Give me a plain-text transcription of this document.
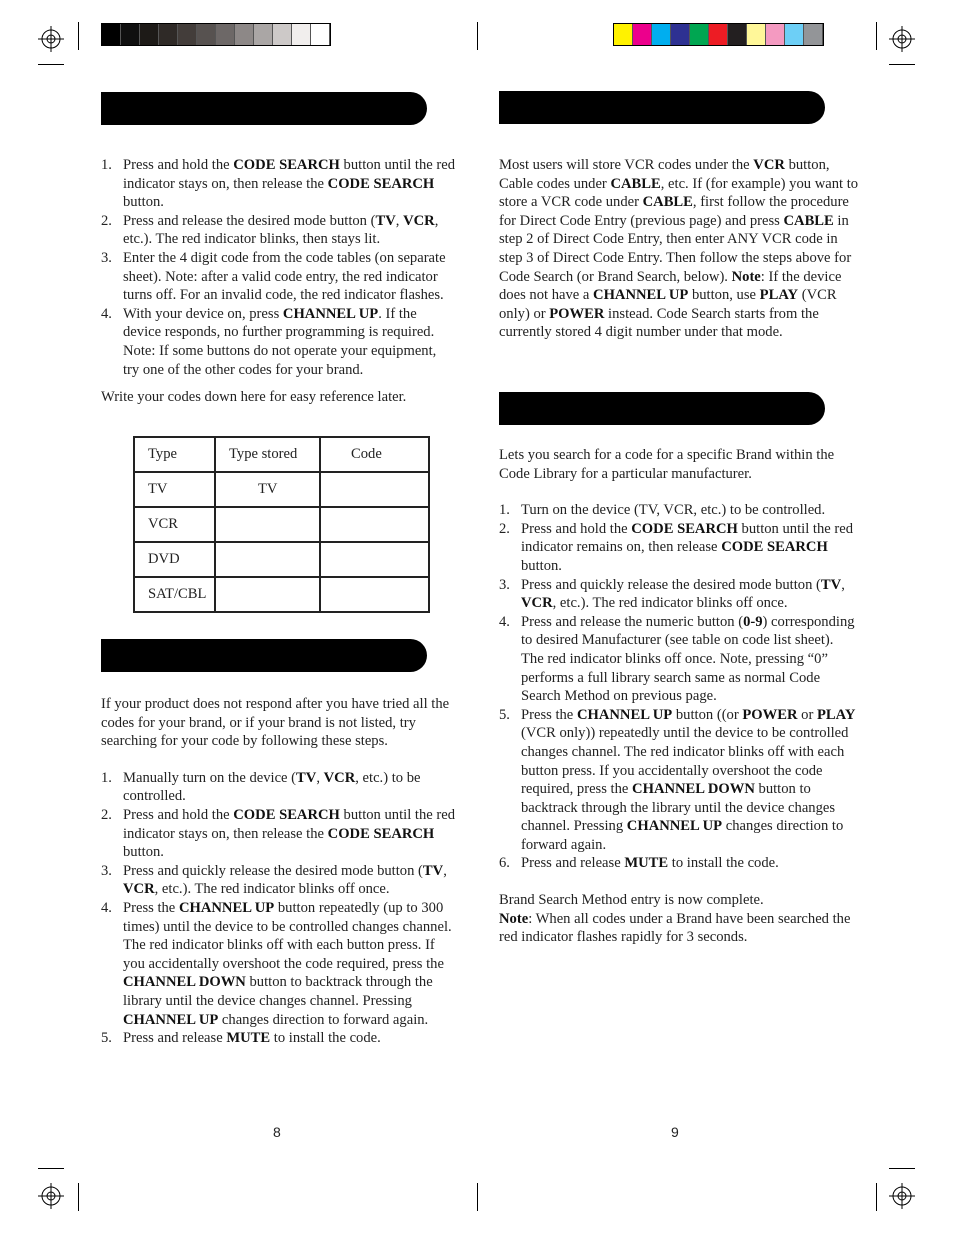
1. Press and hold the CODE SEARCH button until the red indicator stays on, then release the CODE SEARCH button.
2. Press and release the desired mode button (TV, VCR, etc.). The red indicator blinks, then stays lit.
3. Enter the 4 digit code from the code tables (on separate sheet). Note: after a valid code entry, the red indicator turns off. For an invalid code, the red indicator flashes.
4. With your device on, press CHANNEL UP. If the device responds, no further programming is required. Note: If some buttons do not operate your equipment, try one of the other codes for your brand.
Write your codes down here for easy reference later.
Type	Type stored	Code
TV	TV	
VCR		
DVD		
SAT/CBL		
If your product does not respond after you have tried all the codes for your brand, or if your brand is not listed, try searching for your code by following these steps.
1. Manually turn on the device (TV, VCR, etc.) to be controlled.
2. Press and hold the CODE SEARCH button until the red indicator stays on, then release the CODE SEARCH button.
3. Press and quickly release the desired mode button (TV, VCR, etc.). The red indicator blinks off once.
4. Press the CHANNEL UP button repeatedly (up to 300 times) until the device to be controlled changes channel. The red indicator blinks off with each button press. If you accidentally overshoot the code required, press the CHANNEL DOWN button to backtrack through the library until the device changes channel. Pressing CHANNEL UP changes direction to forward again.
5. Press and release MUTE to install the code.
8
Most users will store VCR codes under the VCR button, Cable codes under CABLE, etc. If (for example) you want to store a VCR code under CABLE, first follow the procedure for Direct Code Entry (previous page) and press CABLE in step 2 of Direct Code Entry, then enter ANY VCR code in step 3 of Direct Code Entry. Then follow the steps above for Code Search (or Brand Search, below). Note: If the device does not have a CHANNEL UP button, use PLAY (VCR only) or POWER instead. Code Search starts from the currently stored 4 digit number under that mode.
Lets you search for a code for a specific Brand within the Code Library for a particular manufacturer.
1. Turn on the device (TV, VCR, etc.) to be controlled.
2. Press and hold the CODE SEARCH button until the red indicator remains on, then release CODE SEARCH button.
3. Press and quickly release the desired mode button (TV, VCR, etc.). The red indicator blinks off once.
4. Press and release the numeric button (0-9) corresponding to desired Manufacturer (see table on code list sheet). The red indicator blinks off once. Note, pressing “0” performs a full library search same as normal Code Search Method on previous page.
5. Press the CHANNEL UP button ((or POWER or PLAY (VCR only)) repeatedly until the device to be controlled changes channel. The red indicator blinks off with each button press. If you accidentally overshoot the code required, press the CHANNEL DOWN button to backtrack through the library until the device changes channel. Pressing CHANNEL UP changes direction to forward again.
6. Press and release MUTE to install the code.
Brand Search Method entry is now complete.
Note: When all codes under a Brand have been searched the red indicator flashes rapidly for 3 seconds.
9
